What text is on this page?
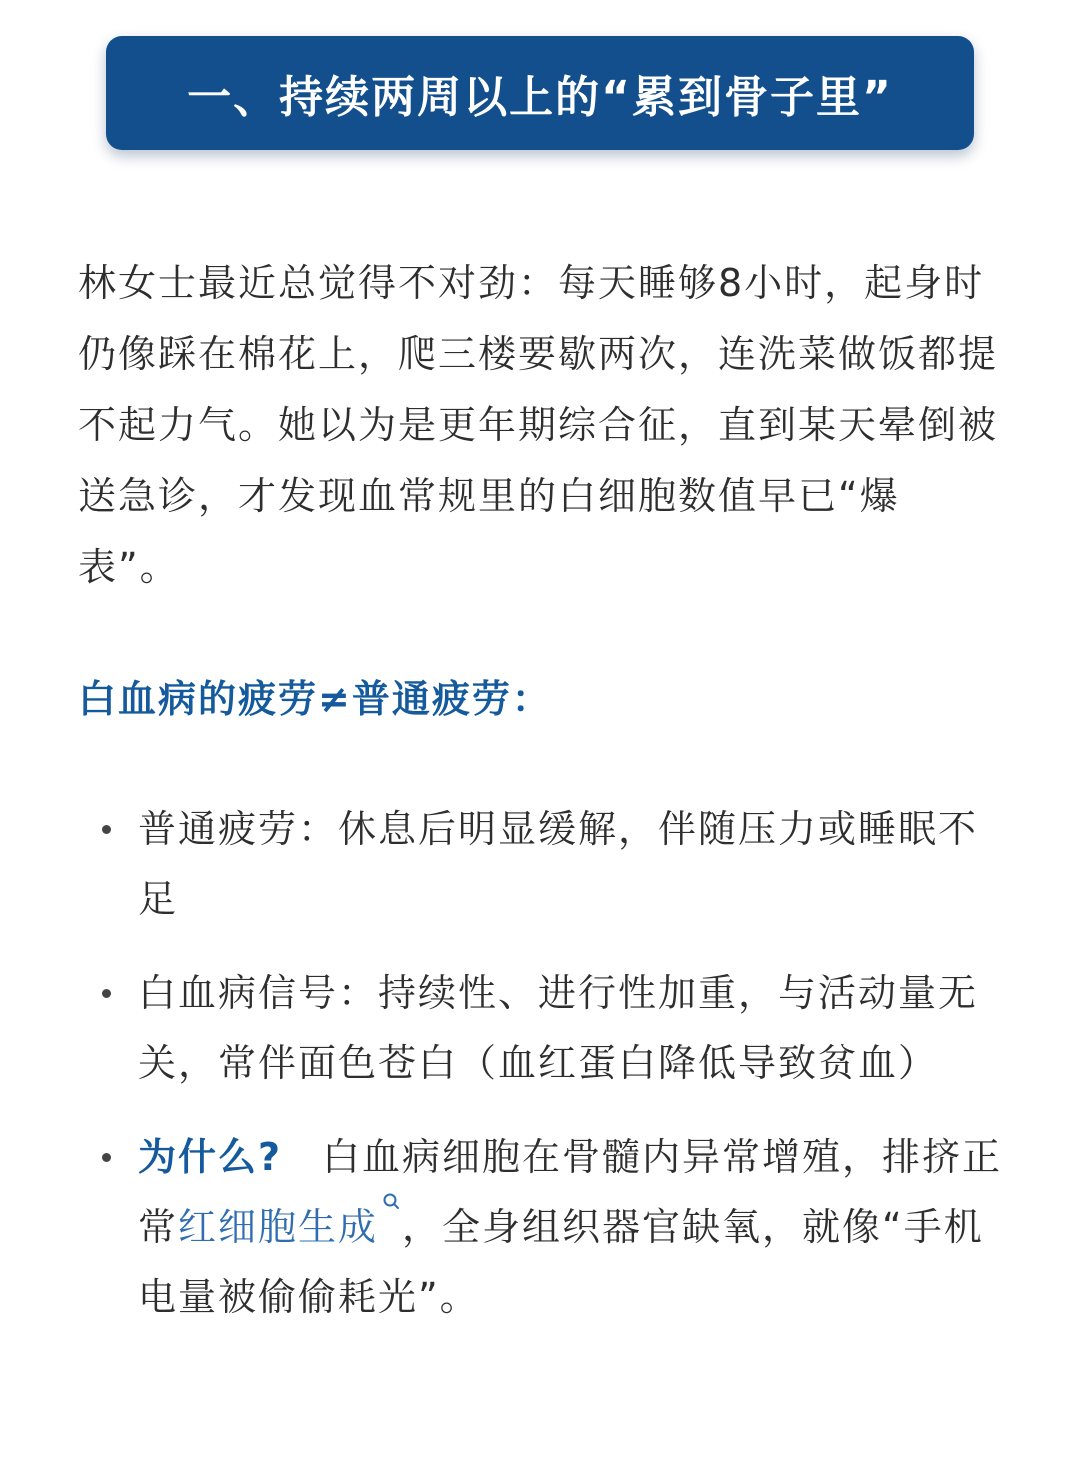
一、持续两周以上的“累到骨子里”

林女士最近总觉得不对劲：每天睡够8小时，起身时仍像踩在棉花上，爬三楼要歇两次，连洗菜做饭都提不起力气。她以为是更年期综合征，直到某天晕倒被送急诊，才发现血常规里的白细胞数值早已“爆表”。

白血病的疲劳≠普通疲劳：
普通疲劳：休息后明显缓解，伴随压力或睡眠不足
白血病信号：持续性、进行性加重，与活动量无关，常伴面色苍白（血红蛋白降低导致贫血）
为什么? 白血病细胞在骨髓内异常增殖，排挤正常红细胞生成 ，全身组织器官缺氧，就像“手机电量被偷偷耗光”。
